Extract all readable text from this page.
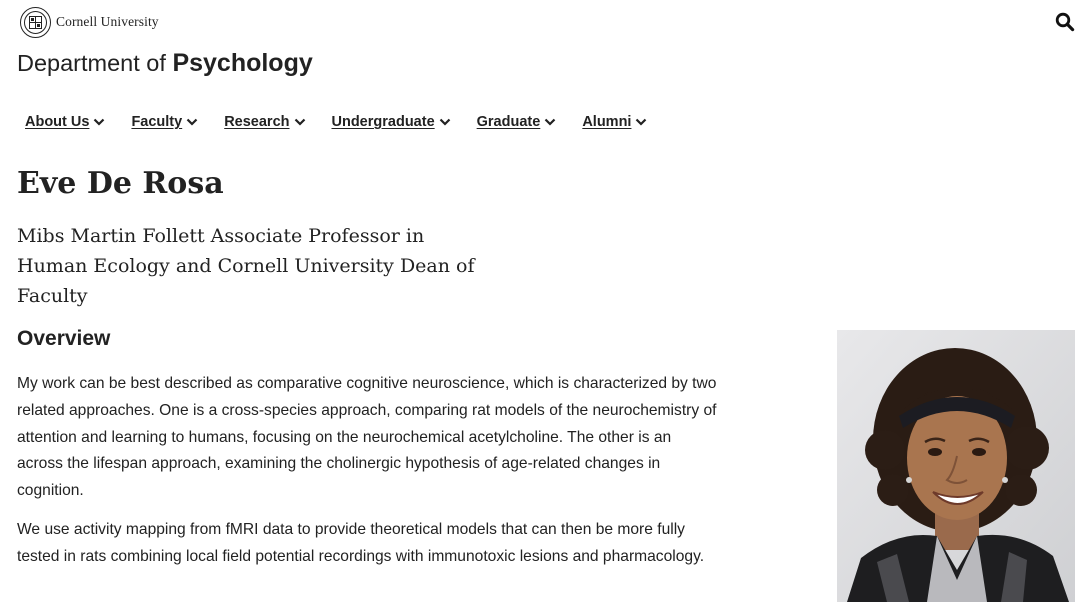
Cornell University
Department of Psychology
About Us	Faculty	Research	Undergraduate	Graduate	Alumni
Eve De Rosa
Mibs Martin Follett Associate Professor in Human Ecology and Cornell University Dean of Faculty
Overview

My work can be best described as comparative cognitive neuroscience, which is characterized by two related approaches. One is a cross-species approach, comparing rat models of the neurochemistry of attention and learning to humans, focusing on the neurochemical acetylcholine. The other is an across the lifespan approach, examining the cholinergic hypothesis of age-related changes in cognition.

We use activity mapping from fMRI data to provide theoretical models that can then be more fully tested in rats combining local field potential recordings with immunotoxic lesions and pharmacology.
